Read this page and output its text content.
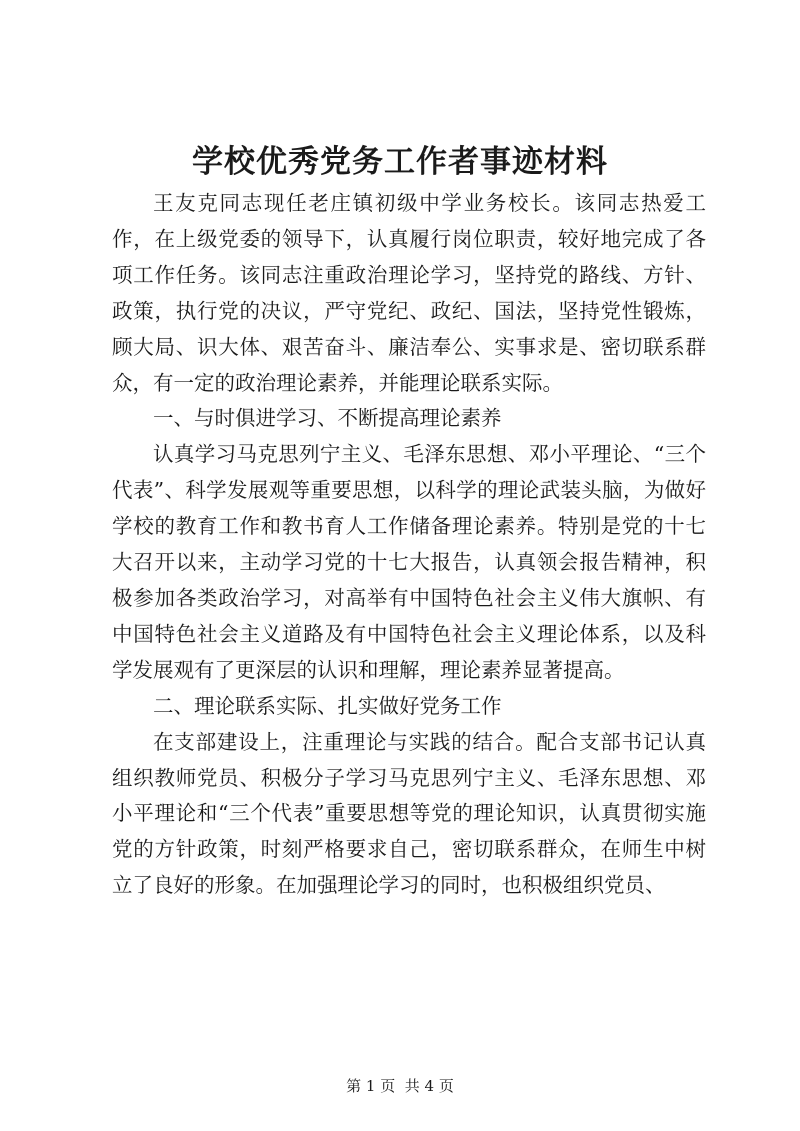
学校优秀党务工作者事迹材料

王友克同志现任老庄镇初级中学业务校长。该同志热爱工作，在上级党委的领导下，认真履行岗位职责，较好地完成了各项工作任务。该同志注重政治理论学习，坚持党的路线、方针、政策，执行党的决议，严守党纪、政纪、国法，坚持党性锻炼，顾大局、识大体、艰苦奋斗、廉洁奉公、实事求是、密切联系群众，有一定的政治理论素养，并能理论联系实际。

一、与时俱进学习、不断提高理论素养

认真学习马克思列宁主义、毛泽东思想、邓小平理论、“三个代表”、科学发展观等重要思想，以科学的理论武装头脑，为做好学校的教育工作和教书育人工作储备理论素养。特别是党的十七大召开以来，主动学习党的十七大报告，认真领会报告精神，积极参加各类政治学习，对高举有中国特色社会主义伟大旗帜、有中国特色社会主义道路及有中国特色社会主义理论体系，以及科学发展观有了更深层的认识和理解，理论素养显著提高。

二、理论联系实际、扎实做好党务工作

在支部建设上，注重理论与实践的结合。配合支部书记认真组织教师党员、积极分子学习马克思列宁主义、毛泽东思想、邓小平理论和“三个代表”重要思想等党的理论知识，认真贯彻实施党的方针政策，时刻严格要求自己，密切联系群众，在师生中树立了良好的形象。在加强理论学习的同时，也积极组织党员、

第 1 页 共 4 页
